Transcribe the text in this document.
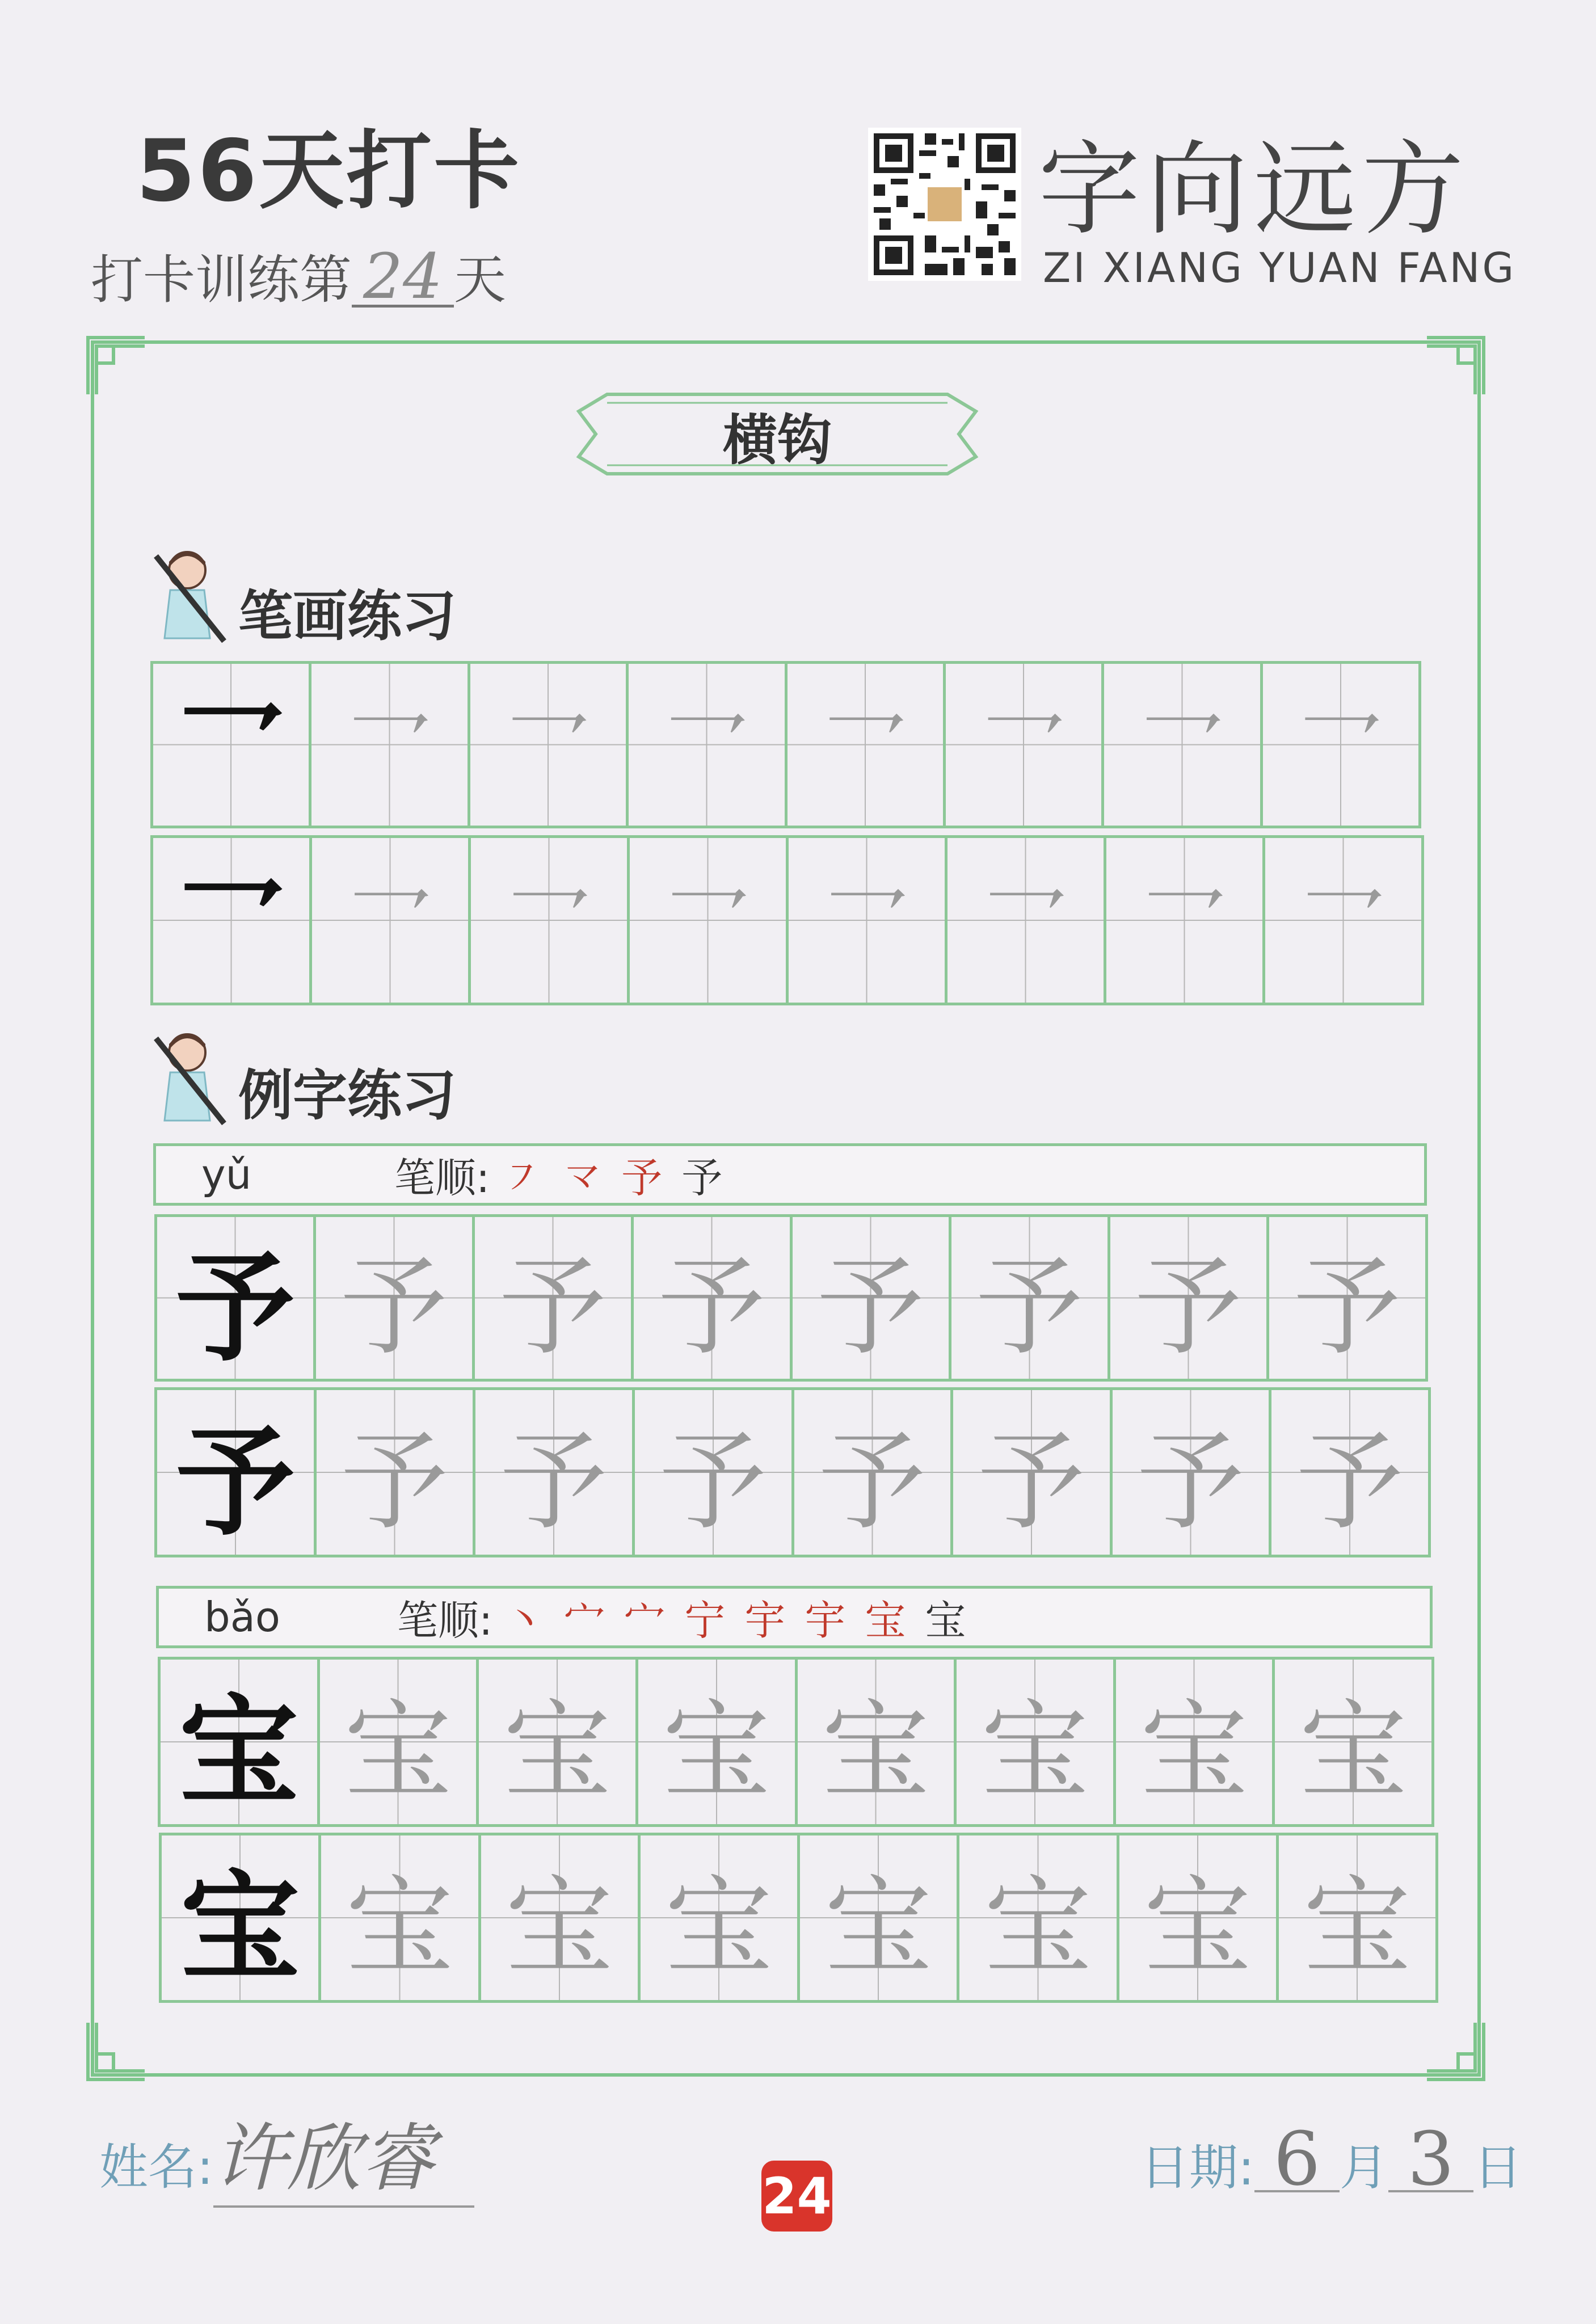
56天打卡
打卡训练第 24 天
字向远方
ZI XIANG YUAN FANG
横钩
笔画练习
乛 乛 乛 乛 乛 乛 乛 乛
乛 乛 乛 乛 乛 乛 乛 乛
例字练习
yǔ	笔顺: ㇇ 龴 予 予
予 予 予 予 予 予 予 予
予 予 予 予 予 予 予 予
bǎo	笔顺: 丶 宀 宀 宁 宇 宇 宝 宝
宝 宝 宝 宝 宝 宝 宝 宝
宝 宝 宝 宝 宝 宝 宝 宝
姓名:许欣睿	24	日期: 6 月 3 日
